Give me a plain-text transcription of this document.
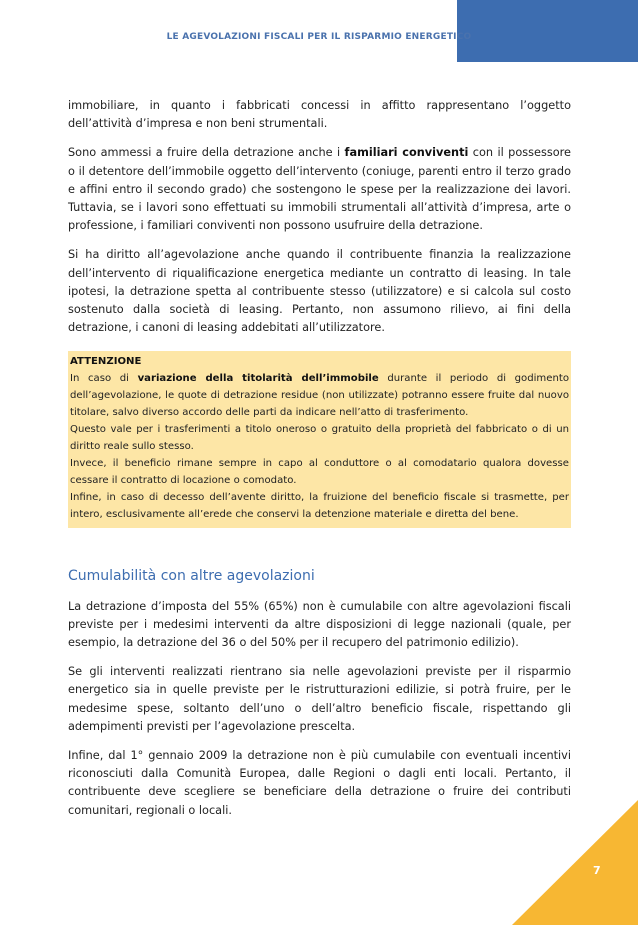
LE AGEVOLAZIONI FISCALI PER IL RISPARMIO ENERGETICO

immobiliare, in quanto i fabbricati concessi in affitto rappresentano l’oggetto dell’attività d’impresa e non beni strumentali.

Sono ammessi a fruire della detrazione anche i familiari conviventi con il possessore o il detentore dell’immobile oggetto dell’intervento (coniuge, parenti entro il terzo grado e affini entro il secondo grado) che sostengono le spese per la realizzazione dei lavori. Tuttavia, se i lavori sono effettuati su immobili strumentali all’attività d’impresa, arte o professione, i familiari conviventi non possono usufruire della detrazione.

Si ha diritto all’agevolazione anche quando il contribuente finanzia la realizzazione dell’intervento di riqualificazione energetica mediante un contratto di leasing. In tale ipotesi, la detrazione spetta al contribuente stesso (utilizzatore) e si calcola sul costo sostenuto dalla società di leasing. Pertanto, non assumono rilievo, ai fini della detrazione, i canoni di leasing addebitati all’utilizzatore.

ATTENZIONE
In caso di variazione della titolarità dell’immobile durante il periodo di godimento dell’agevolazione, le quote di detrazione residue (non utilizzate) potranno essere fruite dal nuovo titolare, salvo diverso accordo delle parti da indicare nell’atto di trasferimento.
Questo vale per i trasferimenti a titolo oneroso o gratuito della proprietà del fabbricato o di un diritto reale sullo stesso.
Invece, il beneficio rimane sempre in capo al conduttore o al comodatario qualora dovesse cessare il contratto di locazione o comodato.
Infine, in caso di decesso dell’avente diritto, la fruizione del beneficio fiscale si trasmette, per intero, esclusivamente all’erede che conservi la detenzione materiale e diretta del bene.
Cumulabilità con altre agevolazioni

La detrazione d’imposta del 55% (65%) non è cumulabile con altre agevolazioni fiscali previste per i medesimi interventi da altre disposizioni di legge nazionali (quale, per esempio, la detrazione del 36 o del 50% per il recupero del patrimonio edilizio).

Se gli interventi realizzati rientrano sia nelle agevolazioni previste per il risparmio energetico sia in quelle previste per le ristrutturazioni edilizie, si potrà fruire, per le medesime spese, soltanto dell’uno o dell’altro beneficio fiscale, rispettando gli adempimenti previsti per l’agevolazione prescelta.

Infine, dal 1° gennaio 2009 la detrazione non è più cumulabile con eventuali incentivi riconosciuti dalla Comunità Europea, dalle Regioni o dagli enti locali. Pertanto, il contribuente deve scegliere se beneficiare della detrazione o fruire dei contributi comunitari, regionali o locali.

7
